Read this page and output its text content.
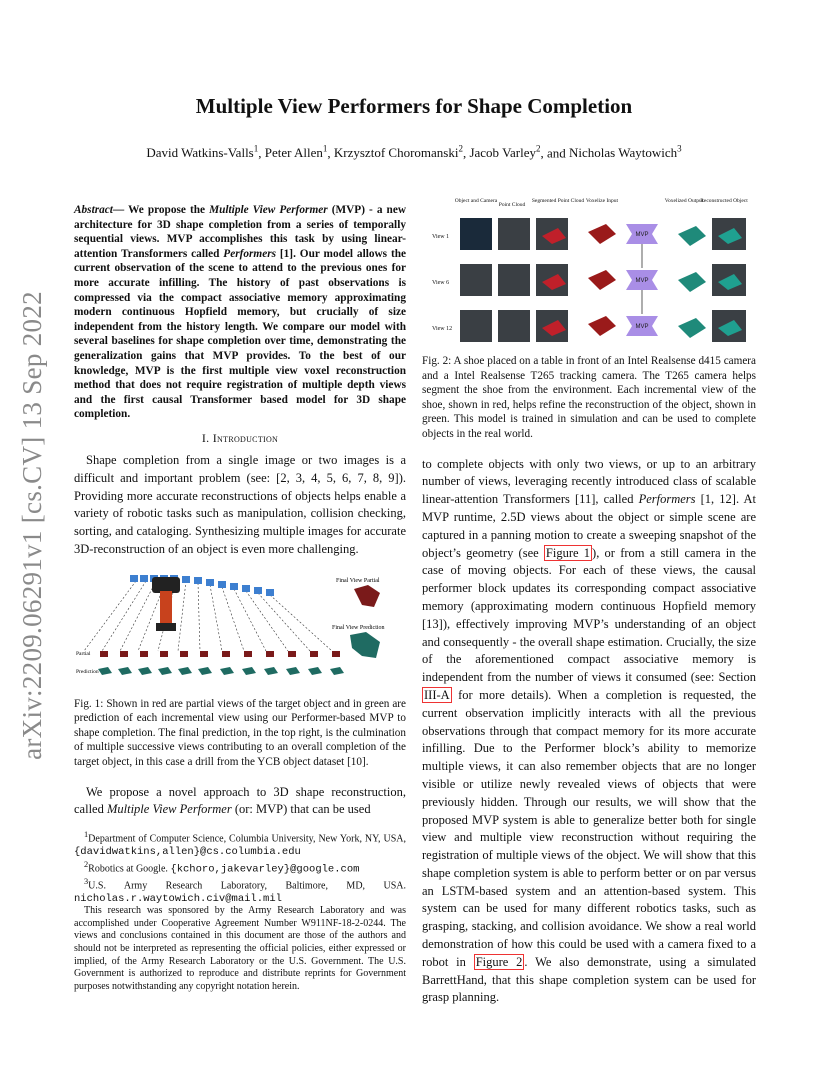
arXiv:2209.06291v1 [cs.CV] 13 Sep 2022
Multiple View Performers for Shape Completion
David Watkins-Valls$^1$, Peter Allen$^1$, Krzysztof Choromanski$^2$, Jacob Varley$^2$, and Nicholas Waytowich$^3$

Abstract— We propose the Multiple View Performer (MVP) - a new architecture for 3D shape completion from a series of temporally sequential views. MVP accomplishes this task by using linear-attention Transformers called Performers [1]. Our model allows the current observation of the scene to attend to the previous ones for more accurate infilling. The history of past observations is compressed via the compact associative memory approximating modern continuous Hopfield memory, but crucially of size independent from the history length. We compare our model with several baselines for shape completion over time, demonstrating the generalization gains that MVP provides. To the best of our knowledge, MVP is the first multiple view voxel reconstruction method that does not require registration of multiple depth views and the first causal Transformer based model for 3D shape completion.

I. Introduction

Shape completion from a single image or two images is a difficult and important problem (see: [2, 3, 4, 5, 6, 7, 8, 9]). Providing more accurate reconstructions of objects helps enable a variety of robotic tasks such as manipulation, collision checking, sorting, and cataloging. Synthesizing multiple images for accurate 3D-reconstruction of an object is even more challenging.

Final View Partial
Final View Prediction
Partial
Prediction

Fig. 1: Shown in red are partial views of the target object and in green are prediction of each incremental view using our Performer-based MVP to shape completion. The final prediction, in the top right, is the culmination of multiple successive views contributing to an overall completion of the target object, in this case a drill from the YCB object dataset [10].

We propose a novel approach to 3D shape reconstruction, called Multiple View Performer (or: MVP) that can be used

$^1$Department of Computer Science, Columbia University, New York, NY, USA, {davidwatkins,allen}@cs.columbia.edu

$^2$Robotics at Google. {kchoro,jakevarley}@google.com

$^3$U.S. Army Research Laboratory, Baltimore, MD, USA. nicholas.r.waytowich.civ@mail.mil

This research was sponsored by the Army Research Laboratory and was accomplished under Cooperative Agreement Number W911NF-18-2-0244. The views and conclusions contained in this document are those of the authors and should not be interpreted as representing the official policies, either expressed or implied, of the Army Research Laboratory or the U.S. Government. The U.S. Government is authorized to reproduce and distribute reprints for Government purposes notwithstanding any copyright notation herein.

Object and Camera
Point Cloud
Segmented Point Cloud Voxelize Input	Voxelized Output
Reconstructed Object
View 1
View 6
View 12
MVP
MVP
MVP

Fig. 2: A shoe placed on a table in front of an Intel Realsense d415 camera and a Intel Realsense T265 tracking camera. The T265 camera helps segment the shoe from the environment. Each incremental view of the shoe, shown in red, helps refine the reconstruction of the object, shown in green. This model is trained in simulation and can be used to complete objects in the real world.

to complete objects with only two views, or up to an arbitrary number of views, leveraging recently introduced class of scalable linear-attention Transformers [11], called Performers [1, 12]. At MVP runtime, 2.5D views about the object or simple scene are captured in a panning motion to create a sweeping snapshot of the object’s geometry (see Figure 1 ), or from a still camera in the case of moving objects. For each of these views, the causal performer block updates its corresponding compact associative memory (approximating modern continuous Hopfield memory [13]), effectively improving MVP’s understanding of an object and consequently - the overall shape estimation. Crucially, the size of the aforementioned compact associative memory is independent from the number of views it consumed (see: Section III-A for more details). When a completion is requested, the current observation implicitly interacts with all the previous observations through that compact memory for its more accurate infilling. Due to the Performer block’s ability to memorize multiple views, it can also remember objects that are no longer visible or utilize newly revealed views of objects that were previously hidden. Through our results, we will show that the proposed MVP system is able to generalize better both for single view and multiple view reconstruction without requiring the registration of multiple views of the object. We will show that this shape completion system is able to perform better or on par versus an LSTM-based system and an attention-based system. This system can be used for many different robotics tasks, such as grasping, stacking, and collision avoidance. We show a real world demonstration of how this could be used with a camera fixed to a robot in Figure 2 . We also demonstrate, using a simulated BarrettHand, that this shape completion system can be used for grasp planning.
